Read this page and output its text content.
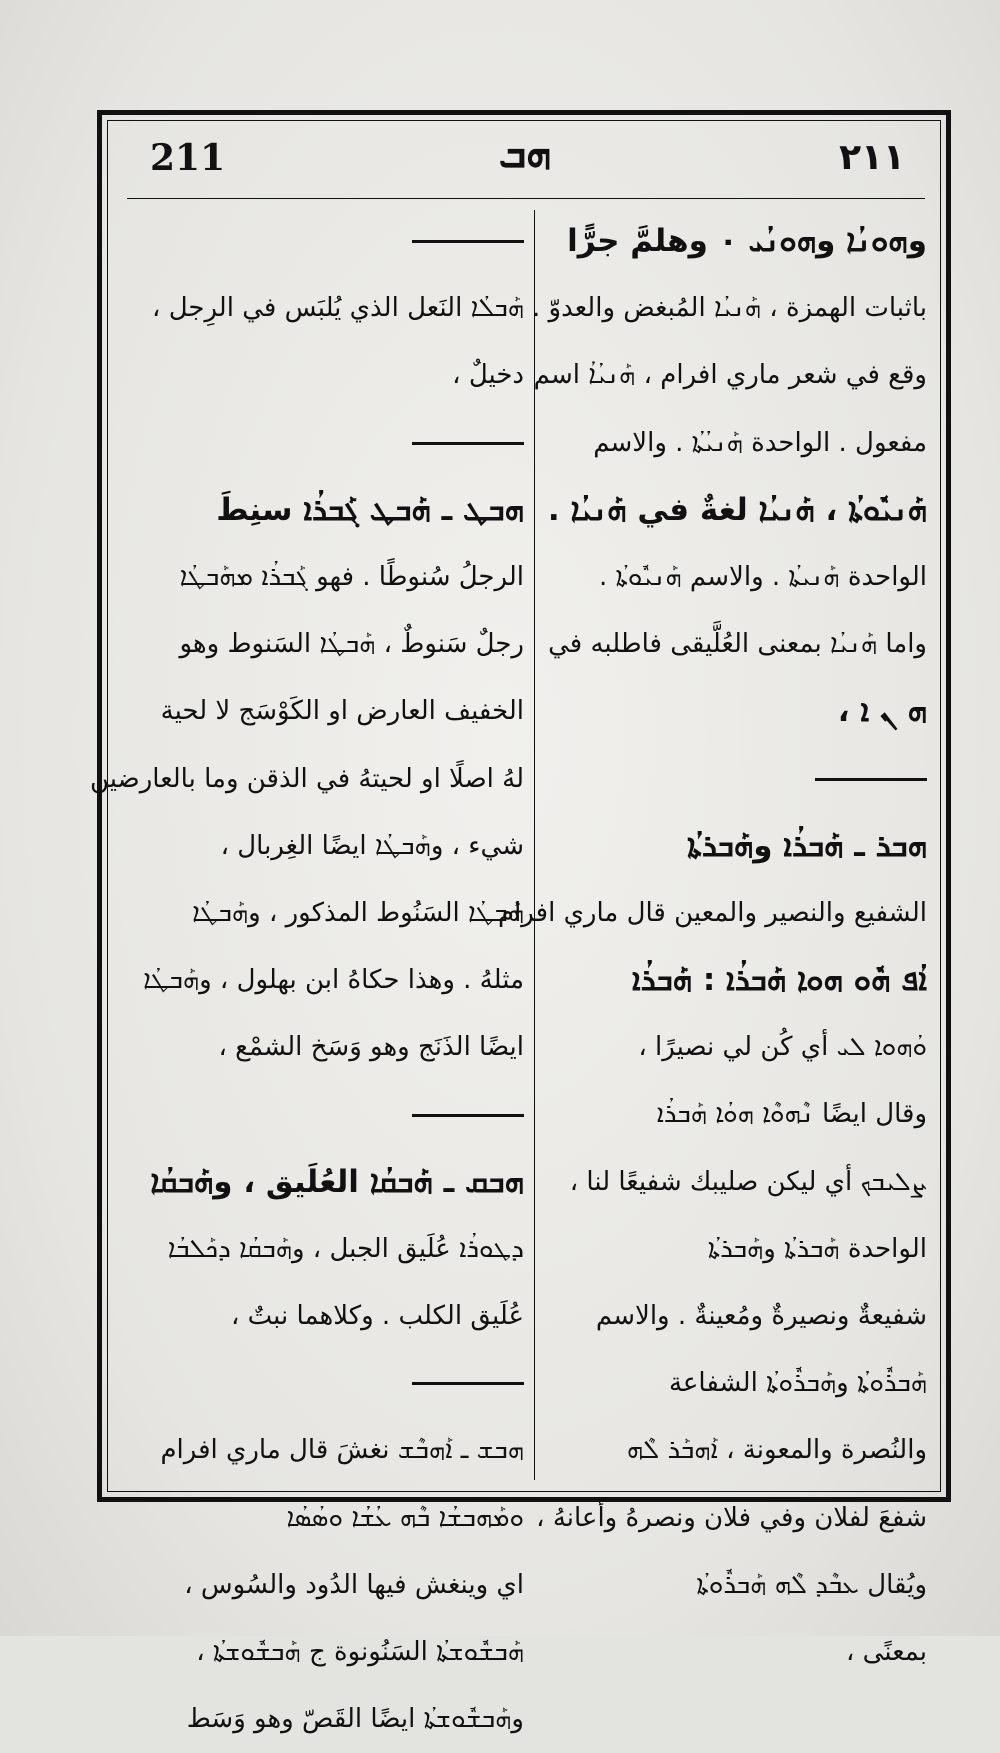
211	ܗܒ	٢١١
وܗܘܢܳܐ وܗܘܢܳܝ ٠ وهلمَّ جرًّا
باثبات الهمزة ، ܗܰܢܝܳܐ المُبغض والعدوّ .
وقع في شعر ماري افرام ، ܗܰܢܝܳܐܳ اسم
مفعول . الواحدة ܗܰܢܝܳܬܳܐ . والاسم
ܗܰܢܝܽܘܬܳܐ ، ܗܰܢܝܳܐ لغةٌ في ܗܰܢܝܳܐ .
الواحدة ܗܰܢܝܬܳܐ . والاسم ܗܰܢܝܽܘܬܳܐ .
واما ܗܰܢܝܳܐ بمعنى العُلَّيقى فاطلبه في
ܗ ܢ ܐ ،
ܗܒܪ ـ ܗܰܒܪܳܐ وܗܰܒܪܬܳܐ
الشفيع والنصير والمعين قال ماري افرام
ܐܳܦ ܗܽܘ ܗܘܐ ܗܰܒܪܳܐ : ܗܰܒܪܳܐ
ܘܳܗܘܐ ܠܝ أي كُن لي نصيرًا ،
وقال ايضًا ܢܶܗܘܶܐ ܗܘܳܐ ܗܰܒܪܳܐ
ܨܠܝܒܟ أي ليكن صليبك شفيعًا لنا ،
الواحدة ܗܰܒܪܬܳܐ وܗܰܒܪܬܳܐ
شفيعةٌ ونصيرةٌ ومُعينةٌ . والاسم
ܗܰܒܪܽܘܬܳܐ وܗܰܒܪܽܘܬܳܐ الشفاعة
والنُصرة والمعونة ، ܐܰܗܒܰܪ ܠܶܗ
شفعَ لفلان وفي فلان ونصرهُ وأعانهُ ،
ويُقال ܥܒܶܕ ܠܶܗ ܗܰܒܪܽܘܬܳܐ
بمعنًى ،
ܗܰܒܠܳܐ النَعل الذي يُلبَس في الرِجل ،
دخيلٌ ،
ܗܒܛ ـ ܗܰܒܛ ܓܰܒܪܳܐ سنِطَ
الرجلُ سُنوطًا . فهو ܓܰܒܪܳܐ ܡܗܰܒܛܳܐ
رجلٌ سَنوطٌ ، ܗܰܒܛܳܐ السَنوط وهو
الخفيف العارض او الكَوْسَج لا لحية
لهُ اصلًا او لحيتهُ في الذقن وما بالعارضين
شيء ، وܗܰܒܛܳܐ ايضًا الغِربال ،
ܗܰܒܛܳܐ السَنُوط المذكور ، وܗܰܒܛܳܐ
مثلهُ . وهذا حكاهُ ابن بهلول ، وܗܰܒܛܳܐ
ايضًا الذَنَج وهو وَسَخ الشمْع ،
ܗܒܩ ـ ܗܰܒܩܳܐ العُلَيق ، وܗܰܒܩܳܐ
ܕܛܘܪܳܐ عُلَيق الجبل ، وܗܰܒܩܳܐ ܕܟܰܠܒܳܐ
عُلَيق الكلب . وكلاهما نبتٌ ،
ܗܒܫ ـ ܐܰܗܒܶܫ نغشَ قال ماري افرام
ܘܡܰܗܒܫܳܐ ܒܶܗ ܥܳܫܳܐ ܘܣܳܣܳܐ
اي وينغش فيها الدُود والسُوس ،
ܗܰܒܫܽܘܫܬܳܐ السَنُونوة ج ܗܰܒܫܽܘܫܬܳܐ ،
وܗܰܒܫܽܘܫܬܳܐ ايضًا القَصّ وهو وَسَط
